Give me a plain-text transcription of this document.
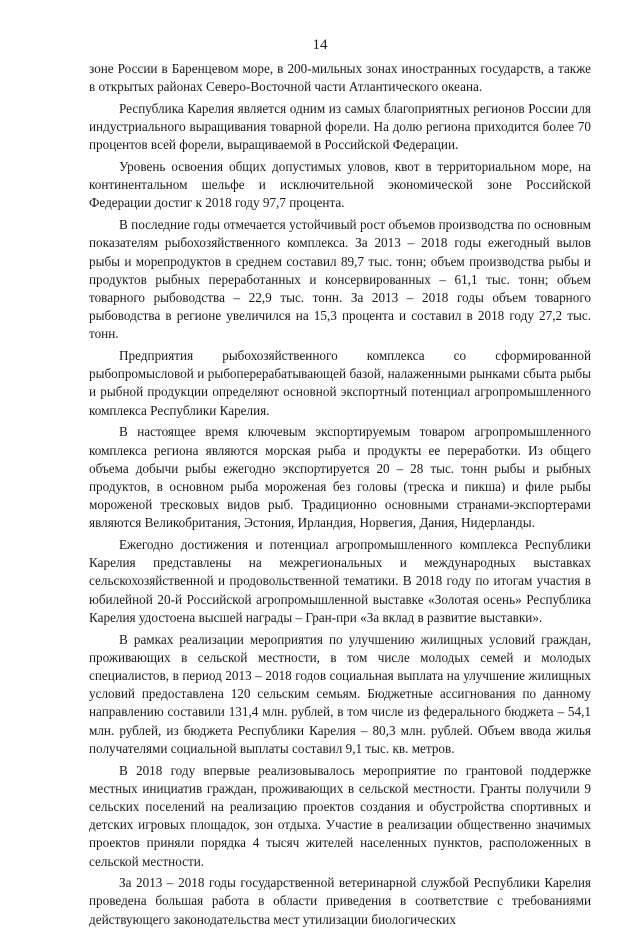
14

зоне России в Баренцевом море, в 200-мильных зонах иностранных государств, а также в открытых районах Северо-Восточной части Атлантического океана.

Республика Карелия является одним из самых благоприятных регионов России для индустриального выращивания товарной форели. На долю региона приходится более 70 процентов всей форели, выращиваемой в Российской Федерации.

Уровень освоения общих допустимых уловов, квот в территориальном море, на континентальном шельфе и исключительной экономической зоне Российской Федерации достиг к 2018 году 97,7 процента.

В последние годы отмечается устойчивый рост объемов производства по основным показателям рыбохозяйственного комплекса. За 2013 – 2018 годы ежегодный вылов рыбы и морепродуктов в среднем составил 89,7 тыс. тонн; объем производства рыбы и продуктов рыбных переработанных и консервированных – 61,1 тыс. тонн; объем товарного рыбоводства – 22,9 тыс. тонн. За 2013 – 2018 годы объем товарного рыбоводства в регионе увеличился на 15,3 процента и составил в 2018 году 27,2 тыс. тонн.

Предприятия рыбохозяйственного комплекса со сформированной рыбопромысловой и рыбоперерабатывающей базой, налаженными рынками сбыта рыбы и рыбной продукции определяют основной экспортный потенциал агропромышленного комплекса Республики Карелия.

В настоящее время ключевым экспортируемым товаром агропромышленного комплекса региона являются морская рыба и продукты ее переработки. Из общего объема добычи рыбы ежегодно экспортируется 20 – 28 тыс. тонн рыбы и рыбных продуктов, в основном рыба мороженая без головы (треска и пикша) и филе рыбы мороженой тресковых видов рыб. Традиционно основными странами-экспортерами являются Великобритания, Эстония, Ирландия, Норвегия, Дания, Нидерланды.

Ежегодно достижения и потенциал агропромышленного комплекса Республики Карелия представлены на межрегиональных и международных выставках сельскохозяйственной и продовольственной тематики. В 2018 году по итогам участия в юбилейной 20-й Российской агропромышленной выставке «Золотая осень» Республика Карелия удостоена высшей награды – Гран-при «За вклад в развитие выставки».

В рамках реализации мероприятия по улучшению жилищных условий граждан, проживающих в сельской местности, в том числе молодых семей и молодых специалистов, в период 2013 – 2018 годов социальная выплата на улучшение жилищных условий предоставлена 120 сельским семьям. Бюджетные ассигнования по данному направлению составили 131,4 млн. рублей, в том числе из федерального бюджета – 54,1 млн. рублей, из бюджета Республики Карелия – 80,3 млн. рублей. Объем ввода жилья получателями социальной выплаты составил 9,1 тыс. кв. метров.

В 2018 году впервые реализовывалось мероприятие по грантовой поддержке местных инициатив граждан, проживающих в сельской местности. Гранты получили 9 сельских поселений на реализацию проектов создания и обустройства спортивных и детских игровых площадок, зон отдыха. Участие в реализации общественно значимых проектов приняли порядка 4 тысяч жителей населенных пунктов, расположенных в сельской местности.

За 2013 – 2018 годы государственной ветеринарной службой Республики Карелия проведена большая работа в области приведения в соответствие с требованиями действующего законодательства мест утилизации биологических
